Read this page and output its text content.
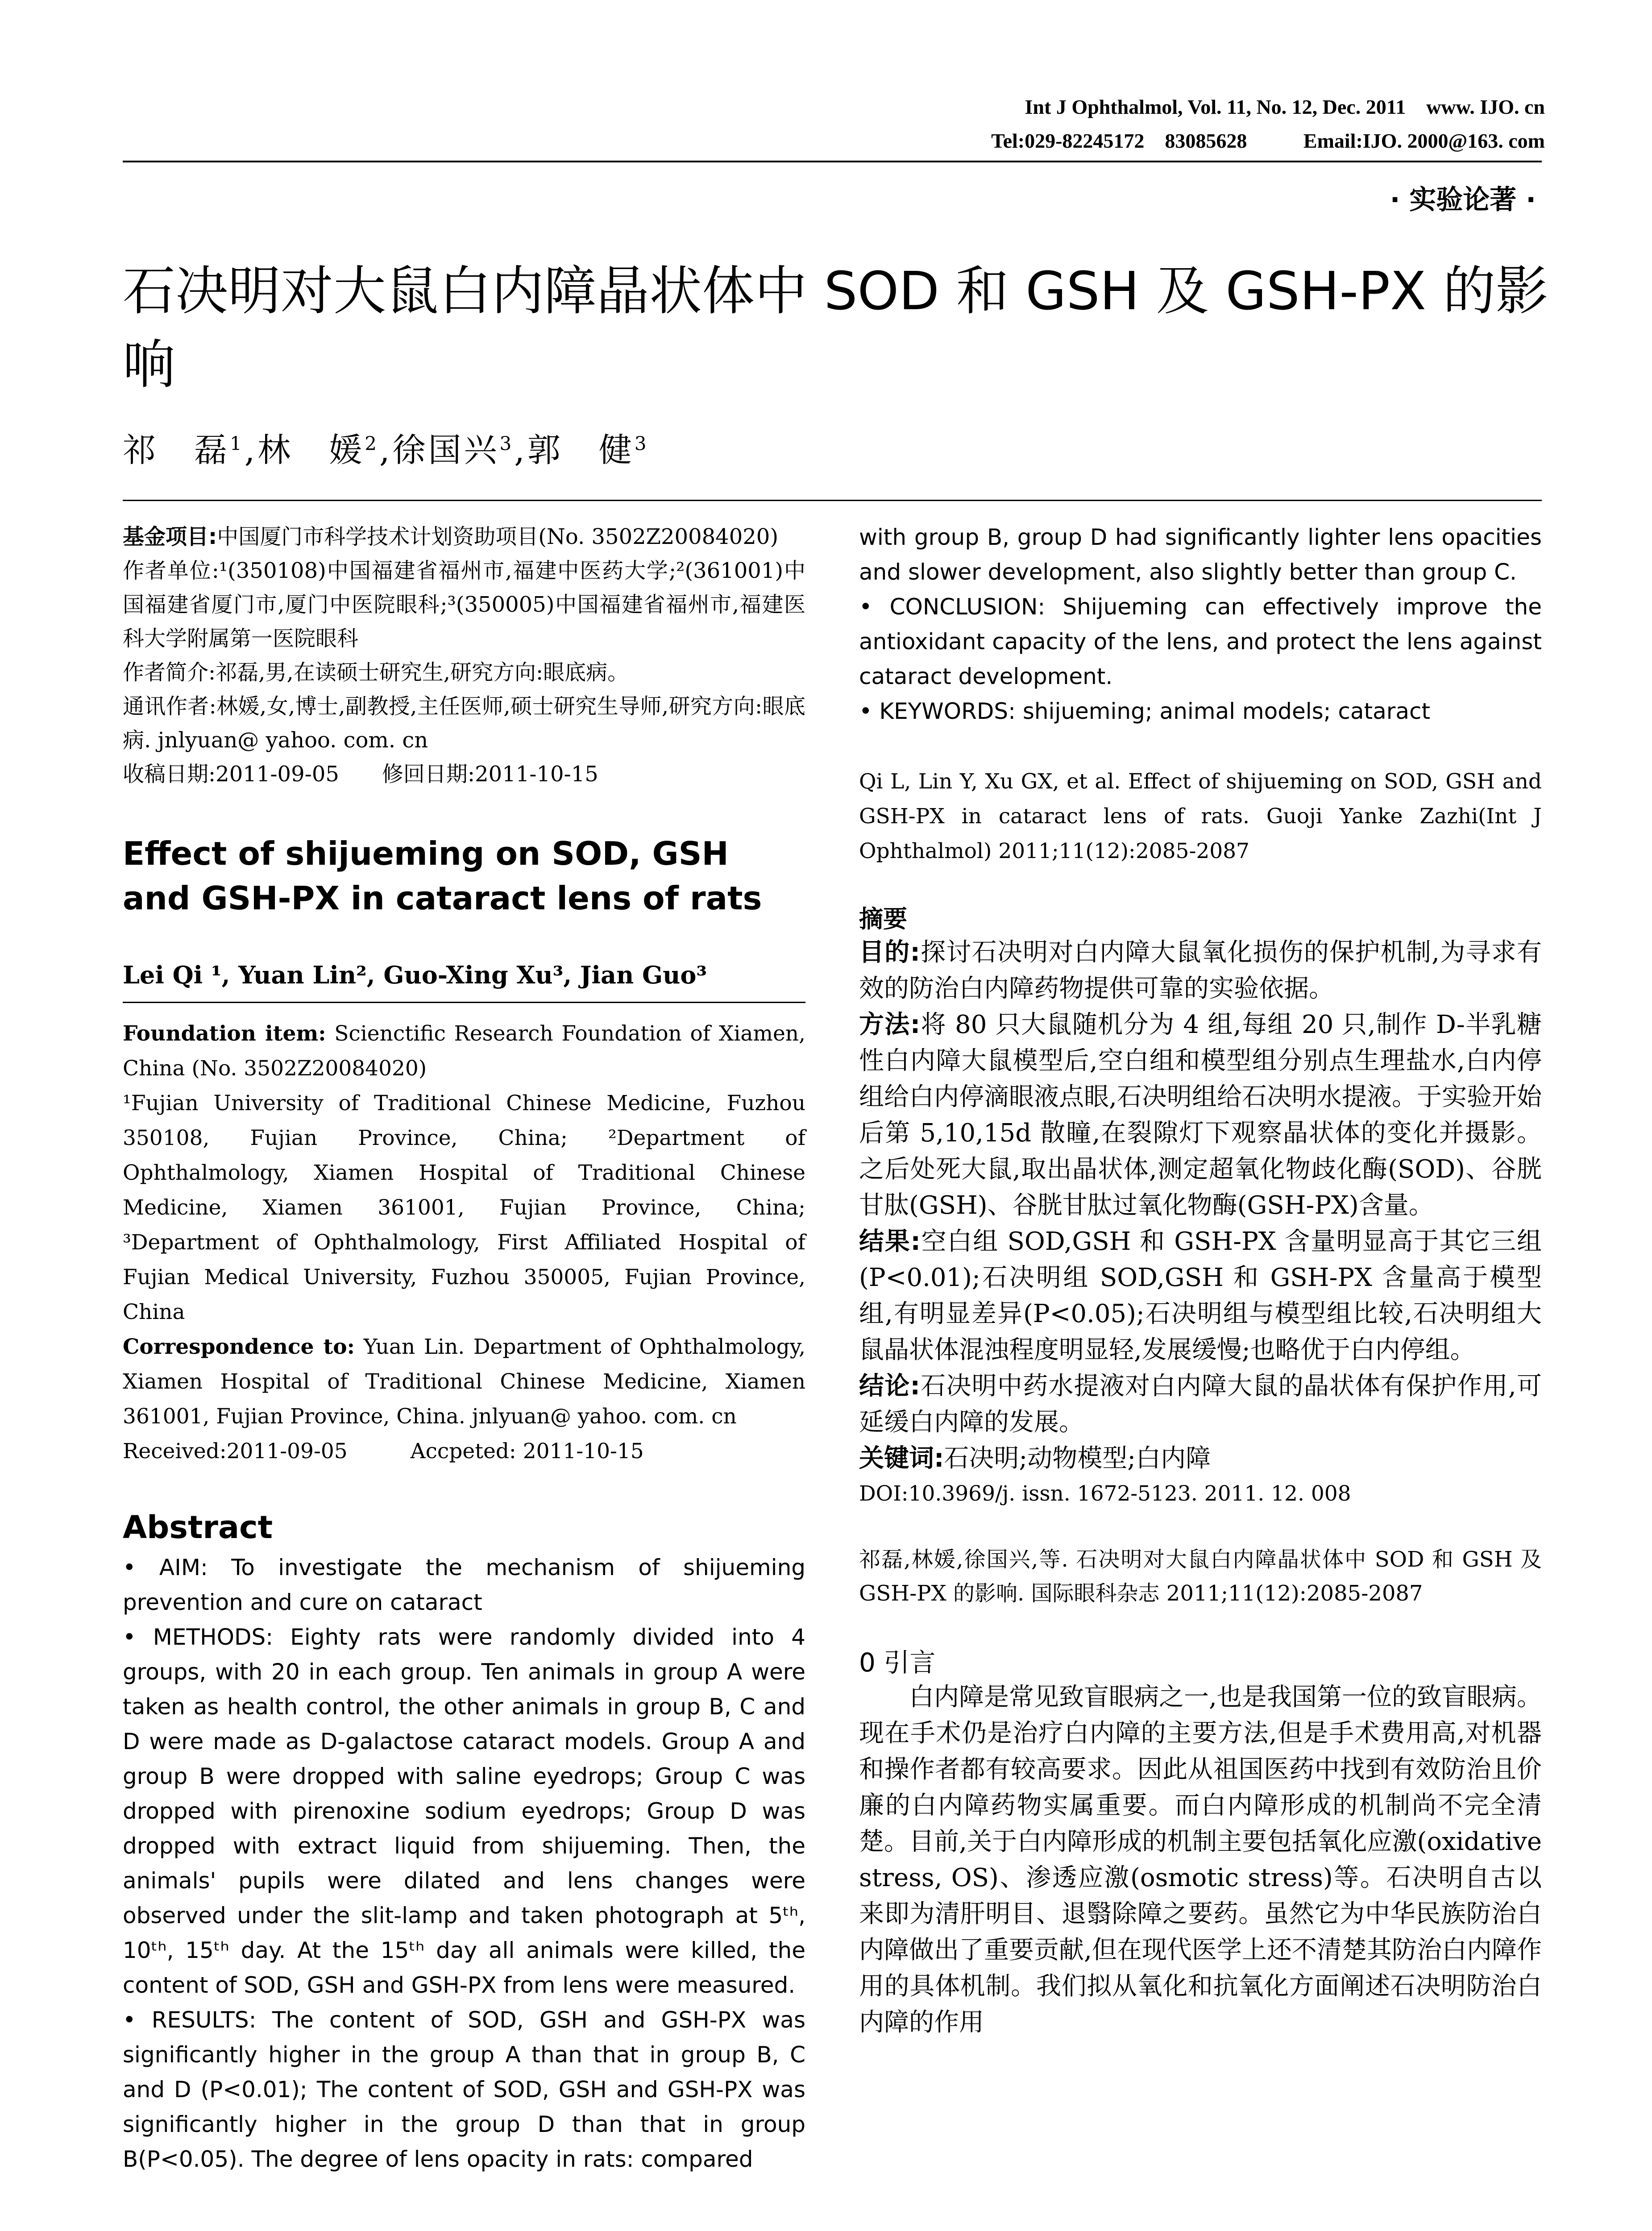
Int J Ophthalmol, Vol. 11, No. 12, Dec. 2011    www. IJO. cn
Tel:029-82245172    83085628           Email:IJO. 2000@163. com
· 实验论著 ·
石决明对大鼠白内障晶状体中 SOD 和 GSH 及 GSH-PX 的影响
祁　磊$^1$,林　媛$^2$,徐国兴$^3$,郭　健$^3$

基金项目:中国厦门市科学技术计划资助项目(No. 3502Z20084020)

作者单位:¹(350108)中国福建省福州市,福建中医药大学;²(361001)中国福建省厦门市,厦门中医院眼科;³(350005)中国福建省福州市,福建医科大学附属第一医院眼科

作者简介:祁磊,男,在读硕士研究生,研究方向:眼底病。

通讯作者:林媛,女,博士,副教授,主任医师,硕士研究生导师,研究方向:眼底病. jnlyuan@ yahoo. com. cn

收稿日期:2011-09-05　　修回日期:2011-10-15

Effect of shijueming on SOD, GSH and GSH-PX in cataract lens of rats
Lei Qi ¹, Yuan Lin², Guo-Xing Xu³, Jian Guo³

Foundation item: Scienctific Research Foundation of Xiamen, China (No. 3502Z20084020)

¹Fujian University of Traditional Chinese Medicine, Fuzhou 350108, Fujian Province, China; ²Department of Ophthalmology, Xiamen Hospital of Traditional Chinese Medicine, Xiamen 361001, Fujian Province, China; ³Department of Ophthalmology, First Affiliated Hospital of Fujian Medical University, Fuzhou 350005, Fujian Province, China

Correspondence to: Yuan Lin. Department of Ophthalmology, Xiamen Hospital of Traditional Chinese Medicine, Xiamen 361001, Fujian Province, China. jnlyuan@ yahoo. com. cn

Received:2011-09-05　　　Accpeted: 2011-10-15

Abstract

• AIM: To investigate the mechanism of shijueming prevention and cure on cataract

• METHODS: Eighty rats were randomly divided into 4 groups, with 20 in each group. Ten animals in group A were taken as health control, the other animals in group B, C and D were made as D-galactose cataract models. Group A and group B were dropped with saline eyedrops; Group C was dropped with pirenoxine sodium eyedrops; Group D was dropped with extract liquid from shijueming. Then, the animals' pupils were dilated and lens changes were observed under the slit-lamp and taken photograph at 5ᵗʰ, 10ᵗʰ, 15ᵗʰ day. At the 15ᵗʰ day all animals were killed, the content of SOD, GSH and GSH-PX from lens were measured.

• RESULTS: The content of SOD, GSH and GSH-PX was significantly higher in the group A than that in group B, C and D (P<0.01); The content of SOD, GSH and GSH-PX was significantly higher in the group D than that in group B(P<0.05). The degree of lens opacity in rats: compared

with group B, group D had significantly lighter lens opacities and slower development, also slightly better than group C.

• CONCLUSION: Shijueming can effectively improve the antioxidant capacity of the lens, and protect the lens against cataract development.

• KEYWORDS: shijueming; animal models; cataract

Qi L, Lin Y, Xu GX, et al. Effect of shijueming on SOD, GSH and GSH-PX in cataract lens of rats. Guoji Yanke Zazhi(Int J Ophthalmol) 2011;11(12):2085-2087

摘要

目的:探讨石决明对白内障大鼠氧化损伤的保护机制,为寻求有效的防治白内障药物提供可靠的实验依据。

方法:将 80 只大鼠随机分为 4 组,每组 20 只,制作 D-半乳糖性白内障大鼠模型后,空白组和模型组分别点生理盐水,白内停组给白内停滴眼液点眼,石决明组给石决明水提液。于实验开始后第 5,10,15d 散瞳,在裂隙灯下观察晶状体的变化并摄影。之后处死大鼠,取出晶状体,测定超氧化物歧化酶(SOD)、谷胱甘肽(GSH)、谷胱甘肽过氧化物酶(GSH-PX)含量。

结果:空白组 SOD,GSH 和 GSH-PX 含量明显高于其它三组(P<0.01);石决明组 SOD,GSH 和 GSH-PX 含量高于模型组,有明显差异(P<0.05);石决明组与模型组比较,石决明组大鼠晶状体混浊程度明显轻,发展缓慢;也略优于白内停组。

结论:石决明中药水提液对白内障大鼠的晶状体有保护作用,可延缓白内障的发展。

关键词:石决明;动物模型;白内障

DOI:10.3969/j. issn. 1672-5123. 2011. 12. 008

祁磊,林媛,徐国兴,等. 石决明对大鼠白内障晶状体中 SOD 和 GSH 及 GSH-PX 的影响. 国际眼科杂志 2011;11(12):2085-2087

0 引言

白内障是常见致盲眼病之一,也是我国第一位的致盲眼病。现在手术仍是治疗白内障的主要方法,但是手术费用高,对机器和操作者都有较高要求。因此从祖国医药中找到有效防治且价廉的白内障药物实属重要。而白内障形成的机制尚不完全清楚。目前,关于白内障形成的机制主要包括氧化应激(oxidative stress, OS)、渗透应激(osmotic stress)等。石决明自古以来即为清肝明目、退翳除障之要药。虽然它为中华民族防治白内障做出了重要贡献,但在现代医学上还不清楚其防治白内障作用的具体机制。我们拟从氧化和抗氧化方面阐述石决明防治白内障的作用
